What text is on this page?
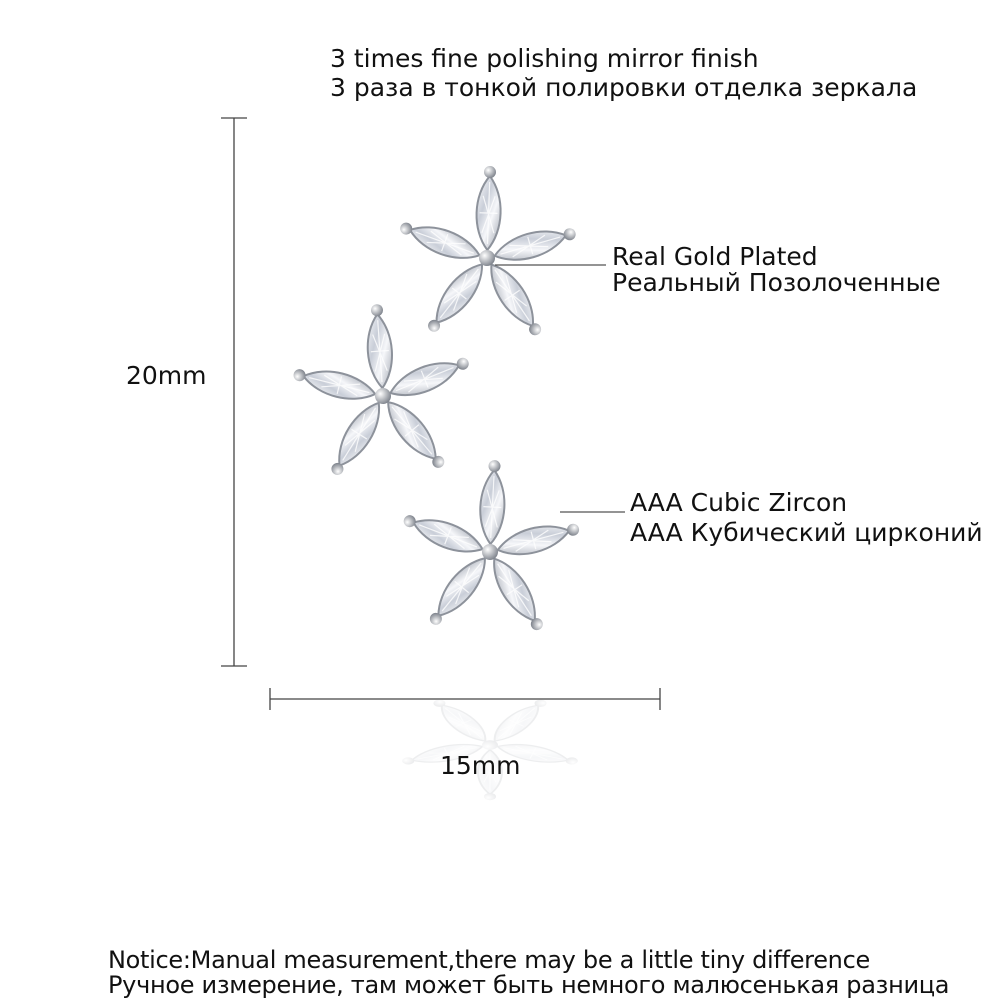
3 times fine polishing mirror finish
3 раза в тонкой полировки отделка зеркала
Real Gold Plated
Реальный Позолоченные
AAA Cubic Zircon
AAA Кубический цирконий
20mm
15mm
Notice:Manual measurement,there may be a little tiny difference
Ручное измерение, там может быть немного малюсенькая разница
